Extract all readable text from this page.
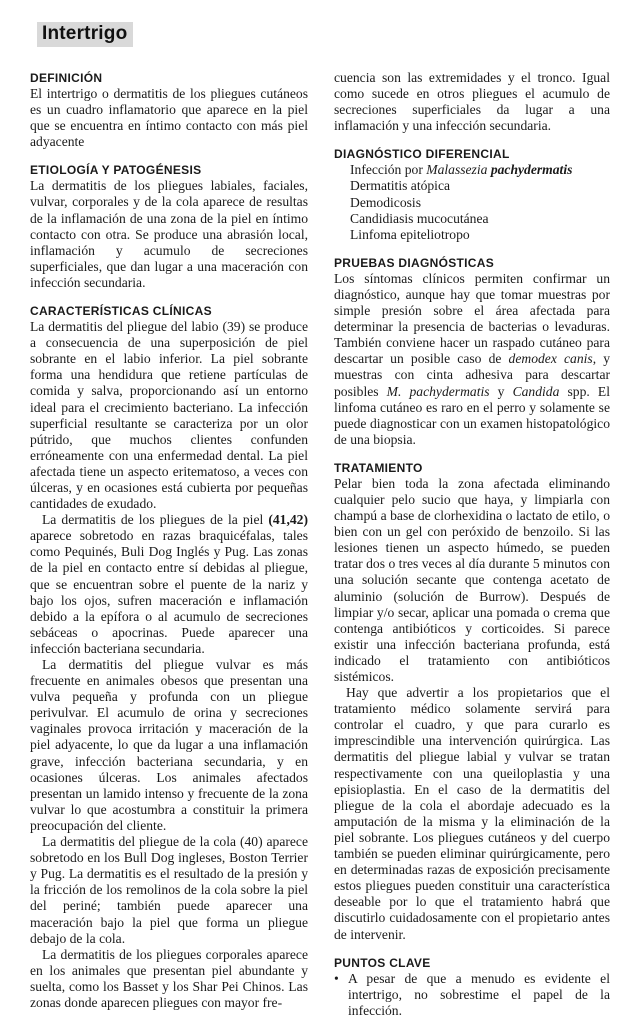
Intertrigo
DEFINICIÓN

El intertrigo o dermatitis de los pliegues cutáneos es un cuadro inflamatorio que aparece en la piel que se encuentra en íntimo contacto con más piel adyacente

ETIOLOGÍA Y PATOGÉNESIS

La dermatitis de los pliegues labiales, faciales, vulvar, corporales y de la cola aparece de resultas de la inflamación de una zona de la piel en íntimo contacto con otra. Se produce una abrasión local, inflamación y acumulo de secreciones superficiales, que dan lugar a una maceración con infección secundaria.

CARACTERÍSTICAS CLÍNICAS

La dermatitis del pliegue del labio (39) se produce a consecuencia de una superposición de piel sobrante en el labio inferior. La piel sobrante forma una hendidura que retiene partículas de comida y salva, proporcionando así un entorno ideal para el crecimiento bacteriano. La infección superficial resultante se caracteriza por un olor pútrido, que muchos clientes confunden erróneamente con una enfermedad dental. La piel afectada tiene un aspecto eritematoso, a veces con úlceras, y en ocasiones está cubierta por pequeñas cantidades de exudado.

La dermatitis de los pliegues de la piel (41,42) aparece sobretodo en razas braquicéfalas, tales como Pequinés, Buli Dog Inglés y Pug. Las zonas de la piel en contacto entre sí debidas al pliegue, que se encuentran sobre el puente de la nariz y bajo los ojos, sufren maceración e inflamación debido a la epífora o al acumulo de secreciones sebáceas o apocrinas. Puede aparecer una infección bacteriana secundaria.

La dermatitis del pliegue vulvar es más frecuente en animales obesos que presentan una vulva pequeña y profunda con un pliegue perivulvar. El acumulo de orina y secreciones vaginales provoca irritación y maceración de la piel adyacente, lo que da lugar a una inflamación grave, infección bacteriana secundaria, y en ocasiones úlceras. Los animales afectados presentan un lamido intenso y frecuente de la zona vulvar lo que acostumbra a constituir la primera preocupación del cliente.

La dermatitis del pliegue de la cola (40) aparece sobretodo en los Bull Dog ingleses, Boston Terrier y Pug. La dermatitis es el resultado de la presión y la fricción de los remolinos de la cola sobre la piel del periné; también puede aparecer una maceración bajo la piel que forma un pliegue debajo de la cola.

La dermatitis de los pliegues corporales aparece en los animales que presentan piel abundante y suelta, como los Basset y los Shar Pei Chinos. Las zonas donde aparecen pliegues con mayor fre-

cuencia son las extremidades y el tronco. Igual como sucede en otros pliegues el acumulo de secreciones superficiales da lugar a una inflamación y una infección secundaria.

DIAGNÓSTICO DIFERENCIAL
Infección por Malassezia pachydermatis
Dermatitis atópica
Demodicosis
Candidiasis mucocutánea
Linfoma epiteliotropo
PRUEBAS DIAGNÓSTICAS

Los síntomas clínicos permiten confirmar un diagnóstico, aunque hay que tomar muestras por simple presión sobre el área afectada para determinar la presencia de bacterias o levaduras. También conviene hacer un raspado cutáneo para descartar un posible caso de demodex canis, y muestras con cinta adhesiva para descartar posibles M. pachydermatis y Candida spp. El linfoma cutáneo es raro en el perro y solamente se puede diagnosticar con un examen histopatológico de una biopsia.

TRATAMIENTO

Pelar bien toda la zona afectada eliminando cualquier pelo sucio que haya, y limpiarla con champú a base de clorhexidina o lactato de etilo, o bien con un gel con peróxido de benzoilo. Si las lesiones tienen un aspecto húmedo, se pueden tratar dos o tres veces al día durante 5 minutos con una solución secante que contenga acetato de aluminio (solución de Burrow). Después de limpiar y/o secar, aplicar una pomada o crema que contenga antibióticos y corticoides. Si parece existir una infección bacteriana profunda, está indicado el tratamiento con antibióticos sistémicos.

Hay que advertir a los propietarios que el tratamiento médico solamente servirá para controlar el cuadro, y que para curarlo es imprescindible una intervención quirúrgica. Las dermatitis del pliegue labial y vulvar se tratan respectivamente con una queiloplastia y una episioplastia. En el caso de la dermatitis del pliegue de la cola el abordaje adecuado es la amputación de la misma y la eliminación de la piel sobrante. Los pliegues cutáneos y del cuerpo también se pueden eliminar quirúrgicamente, pero en determinadas razas de exposición precisamente estos pliegues pueden constituir una característica deseable por lo que el tratamiento habrá que discutirlo cuidadosamente con el propietario antes de intervenir.

PUNTOS CLAVE
• A pesar de que a menudo es evidente el intertrigo, no sobrestime el papel de la infección.
